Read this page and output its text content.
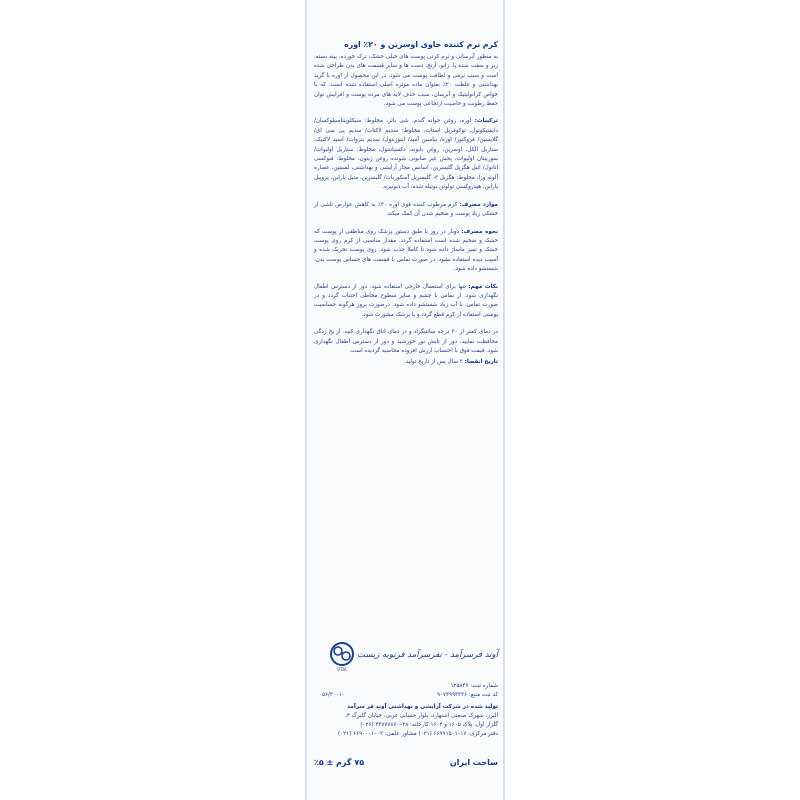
کرم نرم کننده حاوی اوسرین و ۲۰٪ اوره

به منظور آبرسانی و نرم کردن پوست های خیلی خشک، ترک خورده، پینه بسته، زبر و سفت شده پا، زانو، آرنج، دست ها و سایر قسمت های بدن طراحی شده است و سبب نرمی و لطافت پوست می شود. در این محصول از اوره با گرید بهداشتی و غلظت ۲۰٪ بعنوان ماده موثره اصلی استفاده شده است، که با خواص کراتولیتیک و آبرسان، سبب حذف لایه های مرده پوست و افزایش توان حفظ رطوبت و خاصیت ارتجاعی پوست می شود.

ترکیبات: اوره، روغن جوانه گندم، شی باتر، مخلوط: سیکلوپنتاسیلوکسان/ دایمتیکونول، توکوفریل استات، مخلوط: سدیم لاکتات/ سدیم پی سی ای/ گلایسین/ فروکتوز/ اوره/ نیاسین آمید/ اینوزیتول/ سدیم بنزوات/ اسید لاکتیک، ستاریل الکل، اوسرین، روغن بابونه، دکسپانتنول، مخلوط: ستاریل اولیوات/ سوربیتان اولیوات، پحش غیر صابونی شونده روغن زیتون، مخلوط: فنوکسی اتانول/ اتیل هگزیل گلیسرین، اسانس مجاز آرایشی و بهداشتی، لسیتین، عصاره آلوئه ورا، مخلوط: هگزیل ۳- گلیسریل آسکوربات/ گلیسرین، متیل پارابن، پروپیل پارابن، هیدروکسی تولوئن بوتیله شده، آب دیونیزه.

موارد مصرف: کرم مرطوب کننده قوی اوره ۲۰٪ به کاهش عوارض ناشی از خشکی زیاد پوست و ضخیم شدن آن کمک میکند.

نحوه مصرف: دوبار در روز یا طبق دستور پزشک روی مناطقی از پوست که خشک و ضخیم شده است استفاده گردد. مقدار مناسبی از کرم روی پوست خشک و تمیز ماساژ داده شود تا کاملا جذب شود. روی پوست تحریک شده و آسیب دیده استفاده نشود. در صورت تماس با قسمت های حساس پوست بدن، شستشو داده شود.

نکات مهم: تنها برای استعمال خارجی استفاده شود. دور از دسترس اطفال نگهداری شود. از تماس با چشم و سایر سطوح مخاطی اجتناب گردد و در صورت تماس، با آب زیاد شستشو داده شود. درصورت بروز هرگونه حساسیت پوستی استفاده از کرم قطع گردد و با پزشک مشورت شود.

در دمای کمتر از ۳۰ درجه سانتیگراد و در دمای اتاق نگهداری کنید. از یخ زدگی محافظت نمایید. دور از تابش نور خورشید و دور از دسترس اطفال نگهداری شود. قیمت فوق با احتساب ارزش افزوده محاسبه گردیده است.

تاریخ انقضا: ۳ سال پس از تاریخ تولید.

آوند فرسرآمد - نفرسرآمد فرنوبه زیست
IFDA
شماره ثبت: ۱۲۵۸۴۷
کد ثبت منبع: ۹۰۷۴۹۹۳۳۳۶
۵۶/۳۰۰۱۰
تولید شده در شرکت آرایشی و بهداشتی آوند فر سرآمد
البرز، شهرک صنعتی اشتهارد، بلوار حسابی غربی، خیابان گلبرگ ۴،
گلزار اول، پلاک ۱۶۰۵ و ۱۶۰۴ کارخانه: ۴۸–۴۴۷۷۷۸۷۰ (۰۲۶)
دفتر مرکزی: ۱۷–۶۶۹۹۱۵۰۱ (۰۲۱) مشاور علمی: ۰۳–۶۶۹۰۰۰۱ (۰۲۱)
ساخت ایران
۷۵ گرم ± ۵٪
